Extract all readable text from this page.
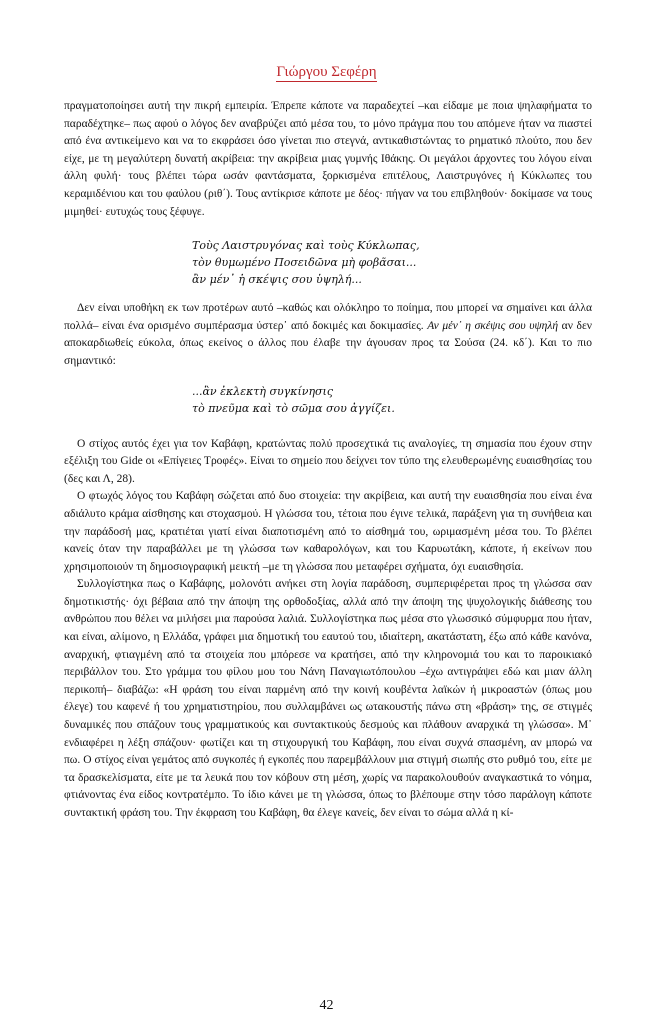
Γιώργου Σεφέρη

πραγματοποίησει αυτή την πικρή εμπειρία. Έπρεπε κάποτε να παραδεχτεί –και είδαμε με ποια ψηλαφήματα το παραδέχτηκε– πως αφού ο λόγος δεν αναβρύζει από μέσα του, το μόνο πράγμα που του απόμενε ήταν να πιαστεί από ένα αντικείμενο και να το εκφράσει όσο γίνεται πιο στεγνά, αντικαθιστώντας το ρηματικό πλούτο, που δεν είχε, με τη μεγαλύτερη δυνατή ακρίβεια: την ακρίβεια μιας γυμνής Ιθάκης. Οι μεγάλοι άρχοντες του λόγου είναι άλλη φυλή· τους βλέπει τώρα ωσάν φαντάσματα, ξορκισμένα επιτέλους, Λαιστρυγόνες ή Κύκλωπες του κεραμιδένιου και του φαύλου (ριθ΄). Τους αντίκρισε κάποτε με δέος· πήγαν να του επιβληθούν· δοκίμασε να τους μιμηθεί· ευτυχώς τους ξέφυγε.

Τοὺς Λαιστρυγόνας καὶ τοὺς Κύκλωπας,
τὸν θυμωμένο Ποσειδῶνα μὴ φοβᾶσαι...
ἂν μέν᾽ ἡ σκέψις σου ὑψηλή...

Δεν είναι υποθήκη εκ των προτέρων αυτό –καθώς και ολόκληρο το ποίημα, που μπορεί να σημαίνει και άλλα πολλά– είναι ένα ορισμένο συμπέρασμα ύστερ᾽ από δοκιμές και δοκιμασίες. Αν μέν᾽ η σκέψις σου υψηλή αν δεν αποκαρδιωθείς εύκολα, όπως εκείνος ο άλλος που έλαβε την άγουσαν προς τα Σούσα (24. κδ΄). Και το πιο σημαντικό:

...ἂν ἐκλεκτὴ συγκίνησις
τὸ πνεῦμα καὶ τὸ σῶμα σου ἀγγίζει.

Ο στίχος αυτός έχει για τον Καβάφη, κρατώντας πολύ προσεχτικά τις αναλογίες, τη σημασία που έχουν στην εξέλιξη του Gide οι «Επίγειες Τροφές». Είναι το σημείο που δείχνει τον τύπο της ελευθερωμένης ευαισθησίας του (δες και Λ, 28).

Ο φτωχός λόγος του Καβάφη σώζεται από δυο στοιχεία: την ακρίβεια, και αυτή την ευαισθησία που είναι ένα αδιάλυτο κράμα αίσθησης και στοχασμού. Η γλώσσα του, τέτοια που έγινε τελικά, παράξενη για τη συνήθεια και την παράδοσή μας, κρατιέται γιατί είναι διαποτισμένη από το αίσθημά του, ωριμασμένη μέσα του. Το βλέπει κανείς όταν την παραβάλλει με τη γλώσσα των καθαρολόγων, και του Καρυωτάκη, κάποτε, ή εκείνων που χρησιμοποιούν τη δημοσιογραφική μεικτή –με τη γλώσσα που μεταφέρει σχήματα, όχι ευαισθησία.

Συλλογίστηκα πως ο Καβάφης, μολονότι ανήκει στη λογία παράδοση, συμπεριφέρεται προς τη γλώσσα σαν δημοτικιστής· όχι βέβαια από την άποψη της ορθοδοξίας, αλλά από την άποψη της ψυχολογικής διάθεσης του ανθρώπου που θέλει να μιλήσει μια παρούσα λαλιά. Συλλογίστηκα πως μέσα στο γλωσσικό σύμφυρμα που ήταν, και είναι, αλίμονο, η Ελλάδα, γράφει μια δημοτική του εαυτού του, ιδιαίτερη, ακατάστατη, έξω από κάθε κανόνα, αναρχική, φτιαγμένη από τα στοιχεία που μπόρεσε να κρατήσει, από την κληρονομιά του και το παροικιακό περιβάλλον του. Στο γράμμα του φίλου μου του Νάνη Παναγιωτόπουλου –έχω αντιγράψει εδώ και μιαν άλλη περικοπή– διαβάζω: «Η φράση του είναι παρμένη από την κοινή κουβέντα λαϊκών ή μικροαστών (όπως μου έλεγε) του καφενέ ή του χρηματιστηρίου, που συλλαμβάνει ως ωτακουστής πάνω στη «βράση» της, σε στιγμές δυναμικές που σπάζουν τους γραμματικούς και συντακτικούς δεσμούς και πλάθουν αναρχικά τη γλώσσα». Μ᾽ ενδιαφέρει η λέξη σπάζουν· φωτίζει και τη στιχουργική του Καβάφη, που είναι συχνά σπασμένη, αν μπορώ να πω. Ο στίχος είναι γεμάτος από συγκοπές ή εγκοπές που παρεμβάλλουν μια στιγμή σιωπής στο ρυθμό του, είτε με τα δρασκελίσματα, είτε με τα λευκά που τον κόβουν στη μέση, χωρίς να παρακολουθούν αναγκαστικά το νόημα, φτιάνοντας ένα είδος κοντρατέμπο. Το ίδιο κάνει με τη γλώσσα, όπως το βλέπουμε στην τόσο παράλογη κάποτε συντακτική φράση του. Την έκφραση του Καβάφη, θα έλεγε κανείς, δεν είναι το σώμα αλλά η κί-

42
